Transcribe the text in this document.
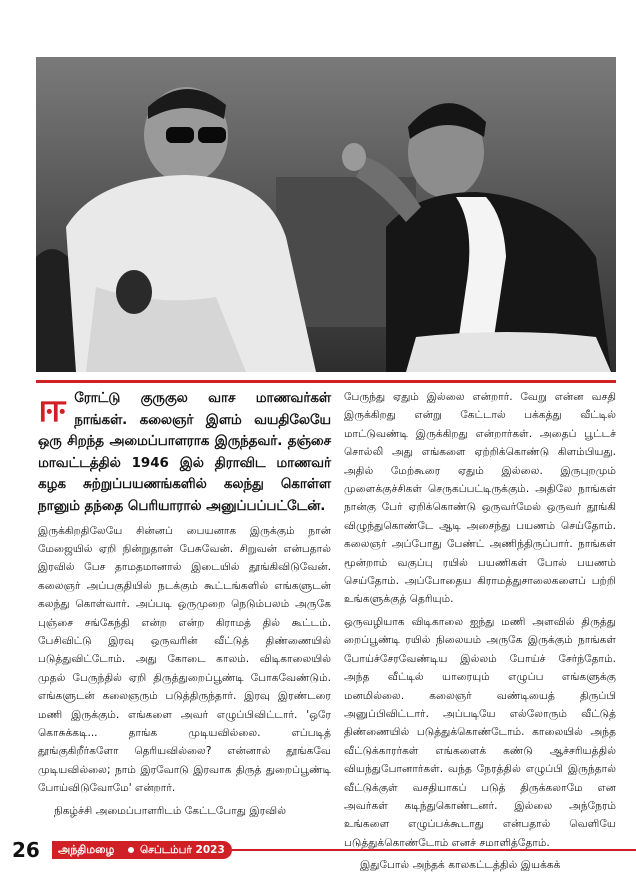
ஈரோட்டு குருகுல வாச மாணவர்கள் நாங்கள். கலைஞர் இளம் வயதிலேயே ஒரு சிறந்த அமைப்பாளராக இருந்தவர். தஞ்சை மாவட்டத்தில் 1946 இல் திராவிட மாணவர் கழக சுற்றுப்பயணங்களில் கலந்து கொள்ள நானும் தந்தை பெரியாரால் அனுப்பப்பட்டேன்.

இருக்கிறதிலேயே சின்னப் பையனாக இருக்கும் நான் மேஜையில் ஏறி நின்றுதான் பேசுவேன். சிறுவன் என்பதால் இரவில் பேச தாமதமானால் இடையில் தூங்கிவிடுவேன். கலைஞர் அப்பகுதியில் நடக்கும் கூட்டங்களில் எங்களுடன் கலந்து கொள்வார். அப்படி ஒருமுறை நெடும்பலம் அருகே புஞ்சை சங்கேந்தி என்ற என்ற கிராமத் தில் கூட்டம். பேசிவிட்டு இரவு ஒருவரின் வீட்டுத் திண்ணையில் படுத்துவிட்டோம். அது கோடை காலம். விடிகாலையில் முதல் பேருந்தில் ஏறி திருத்துறைப்பூண்டி போகவேண்டும். எங்களுடன் கலைஞரும் படுத்திருந்தார். இரவு இரண்டரை மணி இருக்கும். எங்களை அவர் எழுப்பிவிட்டார். 'ஒரே கொசுக்கடி... தாங்க முடியவில்லை. எப்படித் தூங்குகிறீர்களோ தெரியவில்லை? என்னால் தூங்கவே முடியவில்லை; நாம் இரவோடு இரவாக திருத் துறைப்பூண்டி போய்விடுவோமே' என்றார்.

நிகழ்ச்சி அமைப்பாளரிடம் கேட்டபோது இரவில்

பேருந்து ஏதும் இல்லை என்றார். வேறு என்ன வசதி இருக்கிறது என்று கேட்டால் பக்கத்து வீட்டில் மாட்டுவண்டி இருக்கிறது என்றார்கள். அதைப் பூட்டச் சொல்லி அது எங்களை ஏற்றிக்கொண்டு கிளம்பியது. அதில் மேற்கூரை ஏதும் இல்லை. இருபுறமும் முளைக்குச்சிகள் செருகப்பட்டிருக்கும். அதிலே நாங்கள் நான்கு பேர் ஏறிக்கொண்டு ஒருவர்மேல் ஒருவர் தூங்கி விழுந்துகொண்டே ஆடி அசைந்து பயணம் செய்தோம். கலைஞர் அப்போது பேண்ட் அணிந்திருப்பார். நாங்கள் மூன்றாம் வகுப்பு ரயில் பயணிகள் போல் பயணம் செய்தோம். அப்போதைய கிராமத்துசாலைகளைப் பற்றி உங்களுக்குத் தெரியும்.

ஒருவழியாக விடிகாலை ஐந்து மணி அளவில் திருத்து றைப்பூண்டி ரயில் நிலையம் அருகே இருக்கும் நாங்கள் போய்ச்சேரவேண்டிய இல்லம் போய்ச் சேர்ந்தோம். அந்த வீட்டில் யாரையும் எழுப்ப எங்களுக்கு மனமில்லை. கலைஞர் வண்டியைத் திருப்பி அனுப்பிவிட்டார். அப்படியே எல்லோரும் வீட்டுத் திண்ணையில் படுத்துக்கொண்டோம். காலையில் அந்த வீட்டுக்காரர்கள் எங்களைக் கண்டு ஆச்சரியத்தில் வியந்துபோனார்கள். வந்த நேரத்தில் எழுப்பி இருந்தால் வீட்டுக்குள் வசதியாகப் படுத் திருக்கலாமே என அவர்கள் கடிந்துகொண்டனர். இல்லை அந்நேரம் உங்களை எழுப்பக்கூடாது என்பதால் வெளியே படுத்துக்கொண்டோம் எனச் சமாளித்தோம்.

இதுபோல் அந்தக் காலகட்டத்தில் இயக்கக்

26 அந்திமழை செப்டம்பர் 2023
